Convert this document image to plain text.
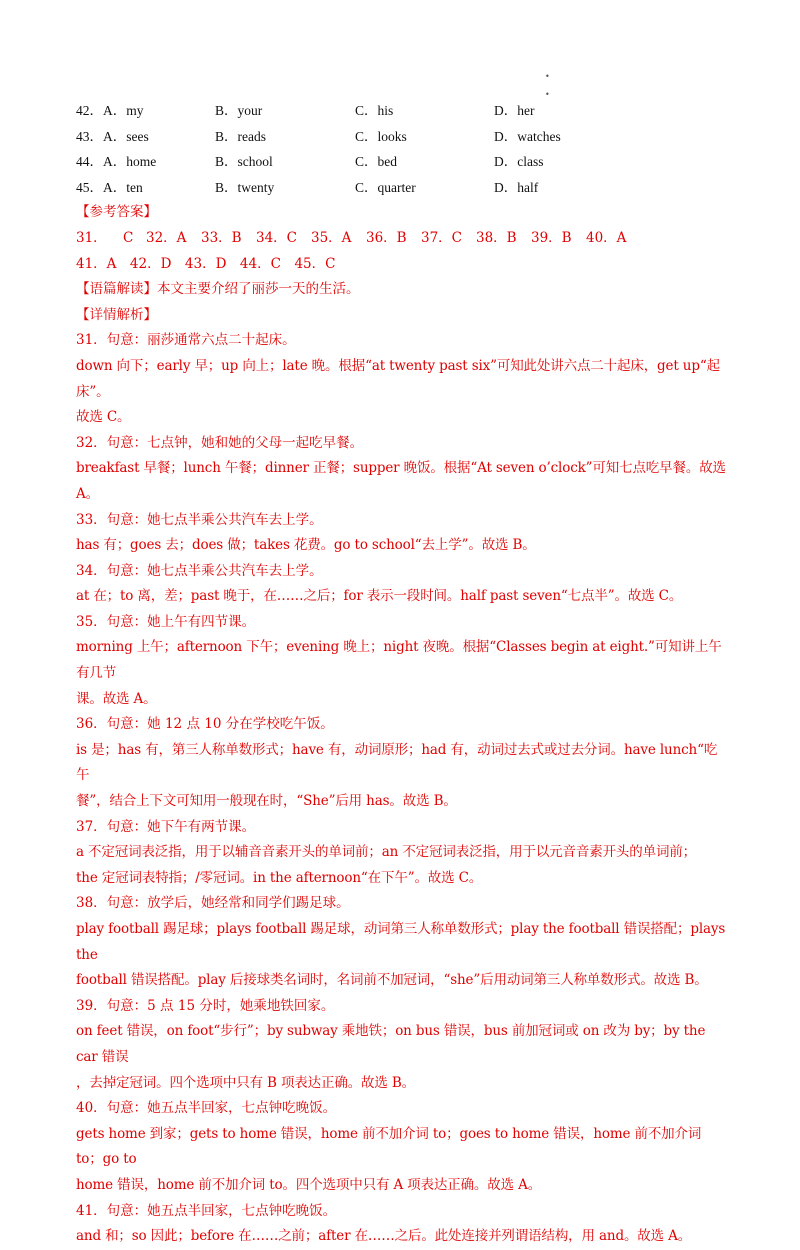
•
•
42．A．my	B．your	C．his	D．her
43．A．sees	B．reads	C．looks	D．watches
44．A．home	B．school	C．bed	D．class
45．A．ten	B．twenty	C．quarter	D．half
【参考答案】
31． C 32．A 33．B 34．C 35．A 36．B 37．C 38．B 39．B 40．A
41．A　42．D　43．D　44．C　45．C
【语篇解读】本文主要介绍了丽莎一天的生活。
【详情解析】
31．句意：丽莎通常六点二十起床。
down 向下；early 早；up 向上；late 晚。根据“at twenty past six”可知此处讲六点二十起床，get up“起床”。
故选 C。
32．句意：七点钟，她和她的父母一起吃早餐。
breakfast 早餐；lunch 午餐；dinner 正餐；supper 晚饭。根据“At seven o’clock”可知七点吃早餐。故选 A。
33．句意：她七点半乘公共汽车去上学。
has 有；goes 去；does 做；takes 花费。go to school“去上学”。故选 B。
34．句意：她七点半乘公共汽车去上学。
at 在；to 离，差；past 晚于，在……之后；for 表示一段时间。half past seven“七点半”。故选 C。
35．句意：她上午有四节课。
morning 上午；afternoon 下午；evening 晚上；night 夜晚。根据“Classes begin at eight.”可知讲上午有几节
课。故选 A。
36．句意：她 12 点 10 分在学校吃午饭。
is 是；has 有，第三人称单数形式；have 有，动词原形；had 有，动词过去式或过去分词。have lunch“吃午
餐”，结合上下文可知用一般现在时，“She”后用 has。故选 B。
37．句意：她下午有两节课。
a 不定冠词表泛指，用于以辅音音素开头的单词前；an 不定冠词表泛指，用于以元音音素开头的单词前；
the 定冠词表特指；/零冠词。in the afternoon“在下午”。故选 C。
38．句意：放学后，她经常和同学们踢足球。
play football 踢足球；plays football 踢足球，动词第三人称单数形式；play the football 错误搭配；plays the
football 错误搭配。play 后接球类名词时，名词前不加冠词，“she”后用动词第三人称单数形式。故选 B。
39．句意：5 点 15 分时，她乘地铁回家。
on feet 错误，on foot“步行”；by subway 乘地铁；on bus 错误，bus 前加冠词或 on 改为 by；by the car 错误
，去掉定冠词。四个选项中只有 B 项表达正确。故选 B。
40．句意：她五点半回家，七点钟吃晚饭。
gets home 到家；gets to home 错误，home 前不加介词 to；goes to home 错误，home 前不加介词 to；go to
home 错误，home 前不加介词 to。四个选项中只有 A 项表达正确。故选 A。
41．句意：她五点半回家，七点钟吃晚饭。
and 和；so 因此；before 在……之前；after 在……之后。此处连接并列谓语结构，用 and。故选 A。
